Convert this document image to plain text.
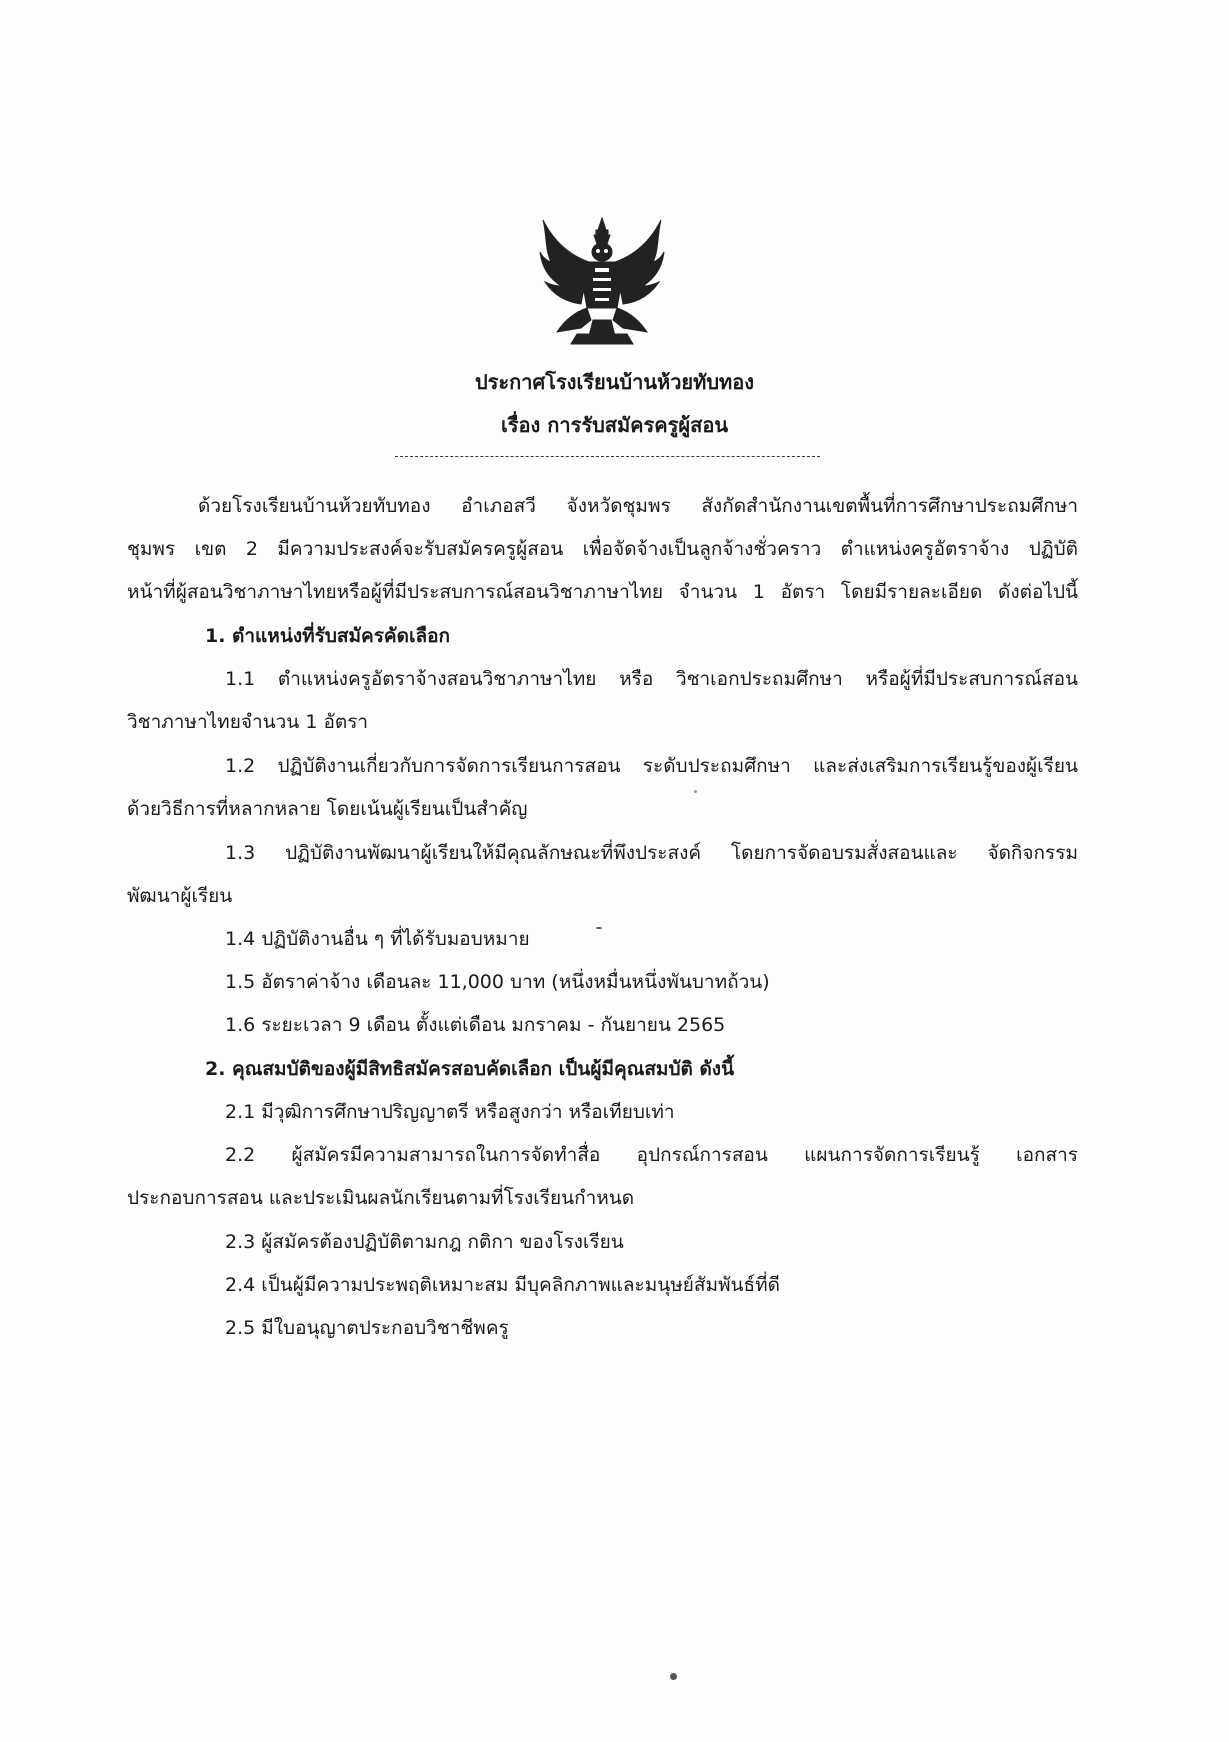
ประกาศโรงเรียนบ้านห้วยทับทอง
เรื่อง การรับสมัครครูผู้สอน
ด้วยโรงเรียนบ้านห้วยทับทอง อำเภอสวี จังหวัดชุมพร สังกัดสำนักงานเขตพื้นที่การศึกษาประถมศึกษา
ชุมพร เขต 2 มีความประสงค์จะรับสมัครครูผู้สอน เพื่อจัดจ้างเป็นลูกจ้างชั่วคราว ตำแหน่งครูอัตราจ้าง ปฏิบัติ
หน้าที่ผู้สอนวิชาภาษาไทยหรือผู้ที่มีประสบการณ์สอนวิชาภาษาไทย จำนวน 1 อัตรา โดยมีรายละเอียด ดังต่อไปนี้
1. ตำแหน่งที่รับสมัครคัดเลือก
1.1 ตำแหน่งครูอัตราจ้างสอนวิชาภาษาไทย หรือ วิชาเอกประถมศึกษา หรือผู้ที่มีประสบการณ์สอน
วิชาภาษาไทยจำนวน 1 อัตรา
1.2 ปฏิบัติงานเกี่ยวกับการจัดการเรียนการสอน ระดับประถมศึกษา และส่งเสริมการเรียนรู้ของผู้เรียน
ด้วยวิธีการที่หลากหลาย โดยเน้นผู้เรียนเป็นสำคัญ
1.3 ปฏิบัติงานพัฒนาผู้เรียนให้มีคุณลักษณะที่พึงประสงค์ โดยการจัดอบรมสั่งสอนและ จัดกิจกรรม
พัฒนาผู้เรียน
1.4 ปฏิบัติงานอื่น ๆ ที่ได้รับมอบหมาย
1.5 อัตราค่าจ้าง เดือนละ 11,000 บาท (หนึ่งหมื่นหนึ่งพันบาทถ้วน)
1.6 ระยะเวลา 9 เดือน ตั้งแต่เดือน มกราคม - กันยายน 2565
2. คุณสมบัติของผู้มีสิทธิสมัครสอบคัดเลือก เป็นผู้มีคุณสมบัติ ดังนี้
2.1 มีวุฒิการศึกษาปริญญาตรี หรือสูงกว่า หรือเทียบเท่า
2.2 ผู้สมัครมีความสามารถในการจัดทำสื่อ อุปกรณ์การสอน แผนการจัดการเรียนรู้ เอกสาร
ประกอบการสอน และประเมินผลนักเรียนตามที่โรงเรียนกำหนด
2.3 ผู้สมัครต้องปฏิบัติตามกฎ กติกา ของโรงเรียน
2.4 เป็นผู้มีความประพฤติเหมาะสม มีบุคลิกภาพและมนุษย์สัมพันธ์ที่ดี
2.5 มีใบอนุญาตประกอบวิชาชีพครู
